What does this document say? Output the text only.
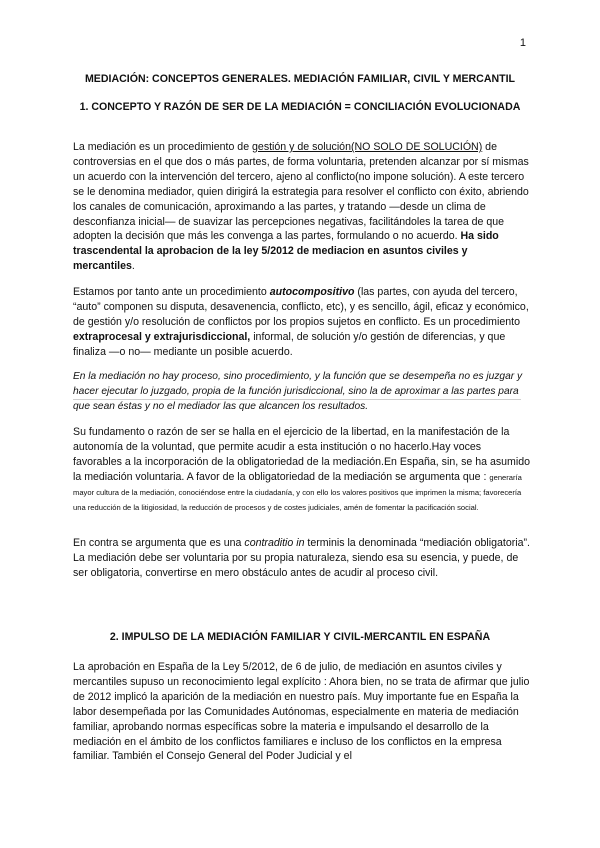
1
MEDIACIÓN: CONCEPTOS GENERALES. MEDIACIÓN FAMILIAR, CIVIL Y MERCANTIL
1. CONCEPTO Y RAZÓN DE SER DE LA MEDIACIÓN = CONCILIACIÓN EVOLUCIONADA
La mediación es un procedimiento de gestión y de solución(NO SOLO DE SOLUCIÓN) de controversias en el que dos o más partes, de forma voluntaria, pretenden alcanzar por sí mismas un acuerdo con la intervención del tercero, ajeno al conflicto(no impone solución). A este tercero se le denomina mediador, quien dirigirá la estrategia para resolver el conflicto con éxito, abriendo los canales de comunicación, aproximando a las partes, y tratando —desde un clima de desconfianza inicial— de suavizar las percepciones negativas, facilitándoles la tarea de que adopten la decisión que más les convenga a las partes, formulando o no acuerdo. Ha sido trascendental la aprobacion de la ley 5/2012 de mediacion en asuntos civiles y mercantiles.
Estamos por tanto ante un procedimiento autocompositivo (las partes, con ayuda del tercero, “auto” componen su disputa, desavenencia, conflicto, etc), y es sencillo, ágil, eficaz y económico, de gestión y/o resolución de conflictos por los propios sujetos en conflicto. Es un procedimiento extraprocesal y extrajurisdiccional, informal, de solución y/o gestión de diferencias, y que finaliza —o no— mediante un posible acuerdo.
En la mediación no hay proceso, sino procedimiento, y la función que se desempeña no es juzgar y hacer ejecutar lo juzgado, propia de la función jurisdiccional, sino la de aproximar a las partes para que sean éstas y no el mediador las que alcancen los resultados.
Su fundamento o razón de ser se halla en el ejercicio de la libertad, en la manifestación de la autonomía de la voluntad, que permite acudir a esta institución o no hacerlo.Hay voces favorables a la incorporación de la obligatoriedad de la mediación.En España, sin, se ha asumido la mediación voluntaria. A favor de la obligatoriedad de la mediación se argumenta que : generaría mayor cultura de la mediación, conociéndose entre la ciudadanía, y con ello los valores positivos que imprimen la misma; favorecería una reducción de la litigiosidad, la reducción de procesos y de costes judiciales, amén de fomentar la pacificación social.
En contra se argumenta que es una contraditio in terminis la denominada “mediación obligatoria”. La mediación debe ser voluntaria por su propia naturaleza, siendo esa su esencia, y puede, de ser obligatoria, convertirse en mero obstáculo antes de acudir al proceso civil.
2. IMPULSO DE LA MEDIACIÓN FAMILIAR Y CIVIL-MERCANTIL EN ESPAÑA
La aprobación en España de la Ley 5/2012, de 6 de julio, de mediación en asuntos civiles y mercantiles supuso un reconocimiento legal explícito : Ahora bien, no se trata de afirmar que julio de 2012 implicó la aparición de la mediación en nuestro país. Muy importante fue en España la labor desempeñada por las Comunidades Autónomas, especialmente en materia de mediación familiar, aprobando normas específicas sobre la materia e impulsando el desarrollo de la mediación en el ámbito de los conflictos familiares e incluso de los conflictos en la empresa familiar. También el Consejo General del Poder Judicial y el
